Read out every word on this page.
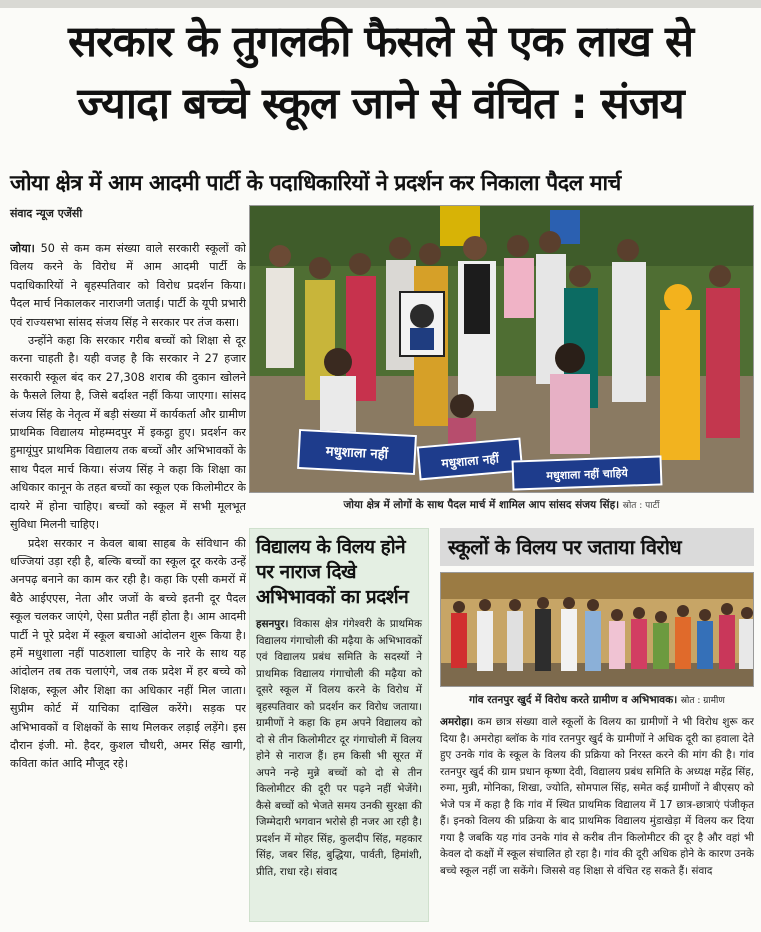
सरकार के तुगलकी फैसले से एक लाख से
ज्यादा बच्चे स्कूल जाने से वंचित : संजय
जोया क्षेत्र में आम आदमी पार्टी के पदाधिकारियों ने प्रदर्शन कर निकाला पैदल मार्च
संवाद न्यूज एजेंसी

जोया। 50 से कम कम संख्या वाले सरकारी स्कूलों को विलय करने के विरोध में आम आदमी पार्टी के पदाधिकारियों ने बृहस्पतिवार को विरोध प्रदर्शन किया। पैदल मार्च निकालकर नाराजगी जताई। पार्टी के यूपी प्रभारी एवं राज्यसभा सांसद संजय सिंह ने सरकार पर तंज कसा।

उन्होंने कहा कि सरकार गरीब बच्चों को शिक्षा से दूर करना चाहती है। यही वजह है कि सरकार ने 27 हजार सरकारी स्कूल बंद कर 27,308 शराब की दुकान खोलने के फैसले लिया है, जिसे बर्दाश्त नहीं किया जाएगा। सांसद संजय सिंह के नेतृत्व में बड़ी संख्या में कार्यकर्ता और ग्रामीण प्राथमिक विद्यालय मोहम्मदपुर में इकट्ठा हुए। प्रदर्शन कर हुमायूंपुर प्राथमिक विद्यालय तक बच्चों और अभिभावकों के साथ पैदल मार्च किया। संजय सिंह ने कहा कि शिक्षा का अधिकार कानून के तहत बच्चों का स्कूल एक किलोमीटर के दायरे में होना चाहिए। बच्चों को स्कूल में सभी मूलभूत सुविधा मिलनी चाहिए।

प्रदेश सरकार न केवल बाबा साहब के संविधान की धज्जियां उड़ा रही है, बल्कि बच्चों का स्कूल दूर करके उन्हें अनपढ़ बनाने का काम कर रही है। कहा कि एसी कमरों में बैठे आईएएस, नेता और जजों के बच्चे इतनी दूर पैदल स्कूल चलकर जाएंगे, ऐसा प्रतीत नहीं होता है। आम आदमी पार्टी ने पूरे प्रदेश में स्कूल बचाओ आंदोलन शुरू किया है। हमें मधुशाला नहीं पाठशाला चाहिए के नारे के साथ यह आंदोलन तब तक चलाएंगे, जब तक प्रदेश में हर बच्चे को शिक्षक, स्कूल और शिक्षा का अधिकार नहीं मिल जाता। सुप्रीम कोर्ट में याचिका दाखिल करेंगे। सड़क पर अभिभावकों व शिक्षकों के साथ मिलकर लड़ाई लड़ेंगे। इस दौरान इंजी. मो. हैदर, कुशल चौधरी, अमर सिंह खागी, कविता कांत आदि मौजूद रहे।

मधुशाला नहीं	मधुशाला नहीं
मधुशाला नहीं चाहिये
जोया क्षेत्र में लोगों के साथ पैदल मार्च में शामिल आप सांसद संजय सिंह। स्रोत : पार्टी
विद्यालय के विलय होने पर नाराज दिखे अभिभावकों का प्रदर्शन
हसनपुर। विकास क्षेत्र गंगेश्वरी के प्राथमिक विद्यालय गंगाचोली की मढ़ैया के अभिभावकों एवं विद्यालय प्रबंध समिति के सदस्यों ने प्राथमिक विद्यालय गंगाचोली की मढ़ैया को दूसरे स्कूल में विलय करने के विरोध में बृहस्पतिवार को प्रदर्शन कर विरोध जताया। ग्रामीणों ने कहा कि हम अपने विद्यालय को दो से तीन किलोमीटर दूर गंगाचोली में विलय होने से नाराज हैं। हम किसी भी सूरत में अपने नन्हे मुन्ने बच्चों को दो से तीन किलोमीटर की दूरी पर पढ़ने नहीं भेजेंगे। कैसे बच्चों को भेजते समय उनकी सुरक्षा की जिम्मेदारी भगवान भरोसे ही नजर आ रही है। प्रदर्शन में मोहर सिंह, कुलदीप सिंह, महकार सिंह, जबर सिंह, बुद्धिया, पार्वती, हिमांशी, प्रीति, राधा रहे। संवाद
स्कूलों के विलय पर जताया विरोध
गांव रतनपुर खुर्द में विरोध करते ग्रामीण व अभिभावक। स्रोत : ग्रामीण
अमरोहा। कम छात्र संख्या वाले स्कूलों के विलय का ग्रामीणों ने भी विरोध शुरू कर दिया है। अमरोहा ब्लॉक के गांव रतनपुर खुर्द के ग्रामीणों ने अधिक दूरी का हवाला देते हुए उनके गांव के स्कूल के विलय की प्रक्रिया को निरस्त करने की मांग की है। गांव रतनपुर खुर्द की ग्राम प्रधान कृष्णा देवी, विद्यालय प्रबंध समिति के अध्यक्ष महेंद्र सिंह, रुमा, मुन्नी, मोनिका, शिखा, ज्योति, सोमपाल सिंह, समेत कई ग्रामीणों ने बीएसए को भेजे पत्र में कहा है कि गांव में स्थित प्राथमिक विद्यालय में 17 छात्र-छात्राएं पंजीकृत हैं। इनको विलय की प्रक्रिया के बाद प्राथमिक विद्यालय मुंडाखेड़ा में विलय कर दिया गया है जबकि यह गांव उनके गांव से करीब तीन किलोमीटर की दूर है और वहां भी केवल दो कक्षों में स्कूल संचालित हो रहा है। गांव की दूरी अधिक होने के कारण उनके बच्चे स्कूल नहीं जा सकेंगे। जिससे वह शिक्षा से वंचित रह सकते हैं। संवाद
